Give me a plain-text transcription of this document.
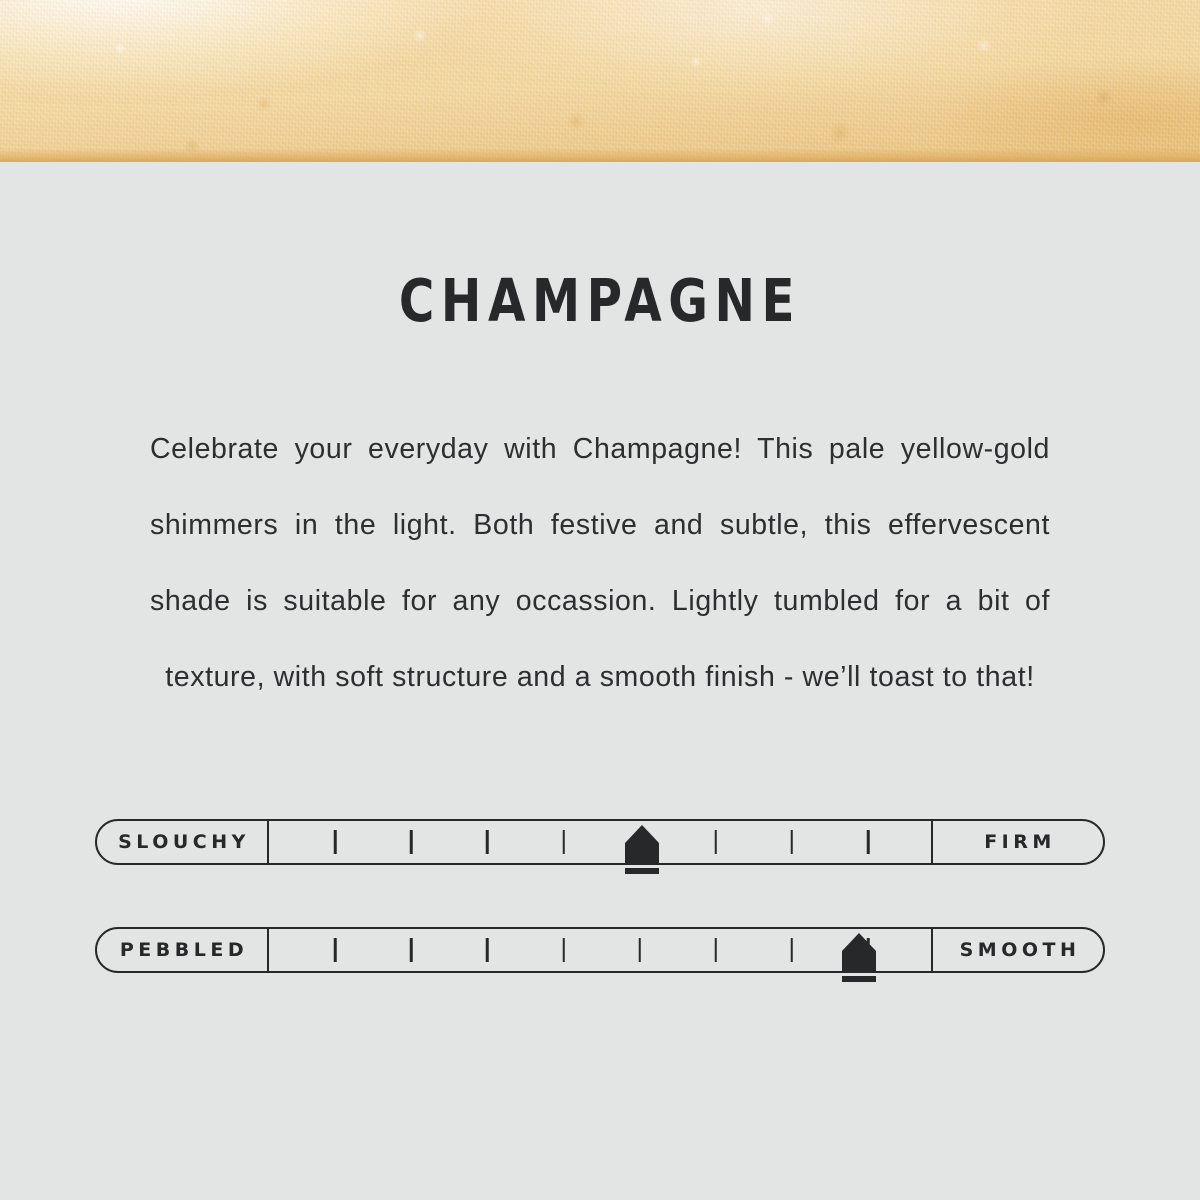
CHAMPAGNE

Celebrate your everyday with Champagne! This pale yellow-gold shimmers in the light. Both festive and subtle, this effervescent shade is suitable for any occassion. Lightly tumbled for a bit of texture, with soft structure and a smooth finish - we’ll toast to that!

SLOUCHY	FIRM
PEBBLED	SMOOTH
